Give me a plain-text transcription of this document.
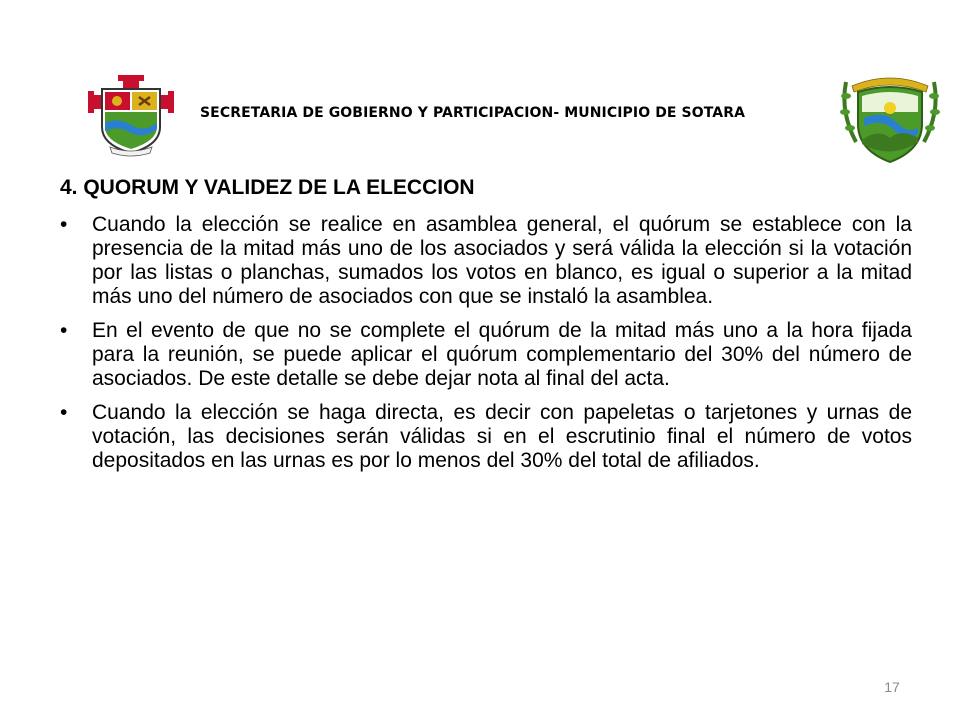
SECRETARIA DE GOBIERNO Y PARTICIPACION- MUNICIPIO DE SOTARA
4. QUORUM Y VALIDEZ DE LA ELECCION
•	Cuando la elección se realice en asamblea general, el quórum se establece con la presencia de la mitad más uno de los asociados y será válida la elección si la votación por las listas o planchas, sumados los votos en blanco, es igual o superior a la mitad más uno del número de asociados con que se instaló la asamblea.
•	En el evento de que no se complete el quórum de la mitad más uno a la hora fijada para la reunión, se puede aplicar el quórum complementario del 30% del número de asociados. De este detalle se debe dejar nota al final del acta.
•	Cuando la elección se haga directa, es decir con papeletas o tarjetones y urnas de votación, las decisiones serán válidas si en el escrutinio final el número de votos depositados en las urnas es por lo menos del 30% del total de afiliados.
17
